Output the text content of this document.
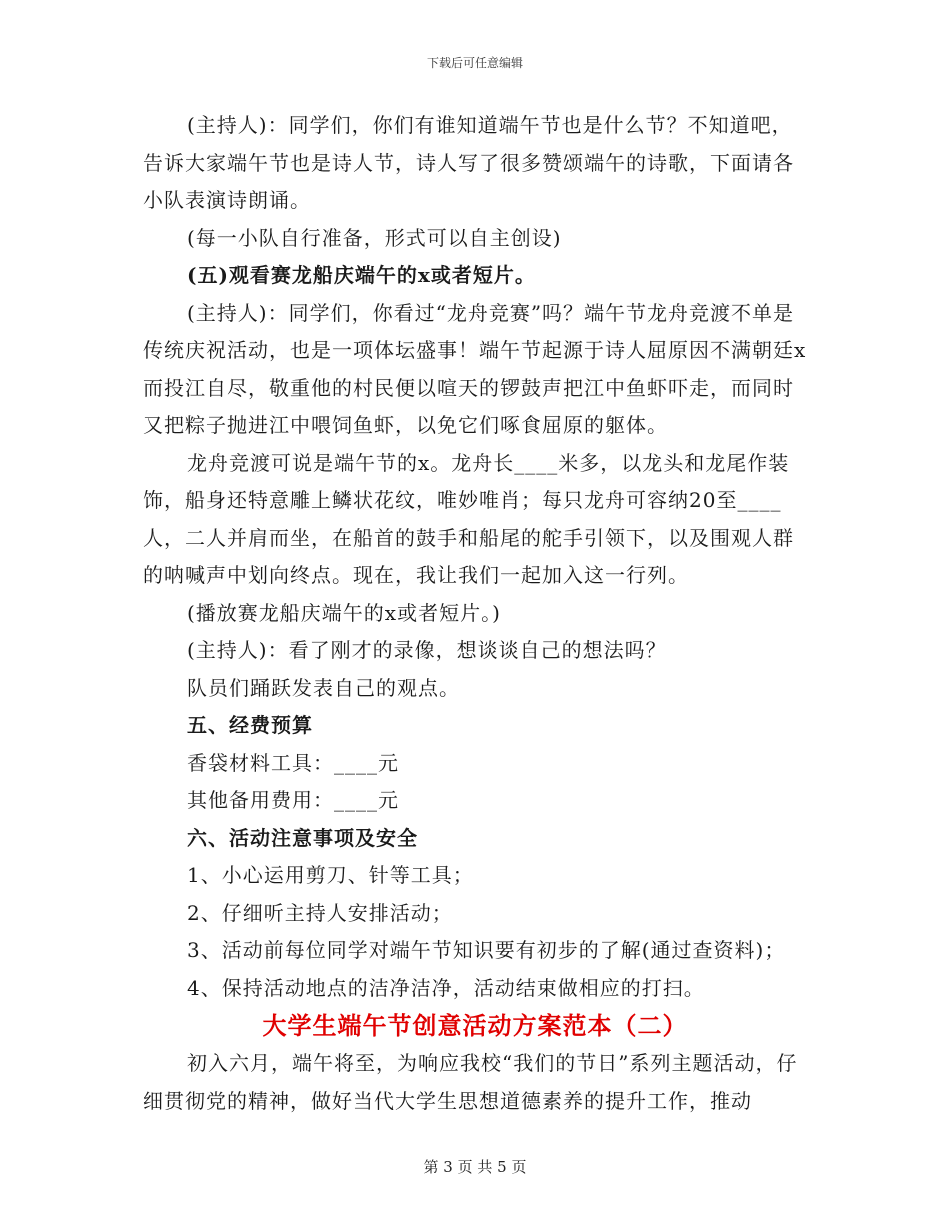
下载后可任意编辑

(主持人)：同学们，你们有谁知道端午节也是什么节？不知道吧，告诉大家端午节也是诗人节，诗人写了很多赞颂端午的诗歌，下面请各小队表演诗朗诵。

(每一小队自行准备，形式可以自主创设)

(五)观看赛龙船庆端午的x或者短片。

(主持人)：同学们，你看过“龙舟竞赛”吗？端午节龙舟竞渡不单是传统庆祝活动，也是一项体坛盛事！端午节起源于诗人屈原因不满朝廷x而投江自尽，敬重他的村民便以喧天的锣鼓声把江中鱼虾吓走，而同时又把粽子抛进江中喂饲鱼虾，以免它们啄食屈原的躯体。

龙舟竞渡可说是端午节的x。龙舟长____米多，以龙头和龙尾作装饰，船身还特意雕上鳞状花纹，唯妙唯肖；每只龙舟可容纳20至____人，二人并肩而坐，在船首的鼓手和船尾的舵手引领下，以及围观人群的呐喊声中划向终点。现在，我让我们一起加入这一行列。

(播放赛龙船庆端午的x或者短片。)

(主持人)：看了刚才的录像，想谈谈自己的想法吗？

队员们踊跃发表自己的观点。

五、经费预算

香袋材料工具：____元

其他备用费用：____元

六、活动注意事项及安全

1、小心运用剪刀、针等工具；

2、仔细听主持人安排活动；

3、活动前每位同学对端午节知识要有初步的了解(通过查资料)；

4、保持活动地点的洁净洁净，活动结束做相应的打扫。

大学生端午节创意活动方案范本（二）

初入六月，端午将至，为响应我校“我们的节日”系列主题活动，仔细贯彻党的精神，做好当代大学生思想道德素养的提升工作，推动

第 3 页 共 5 页
